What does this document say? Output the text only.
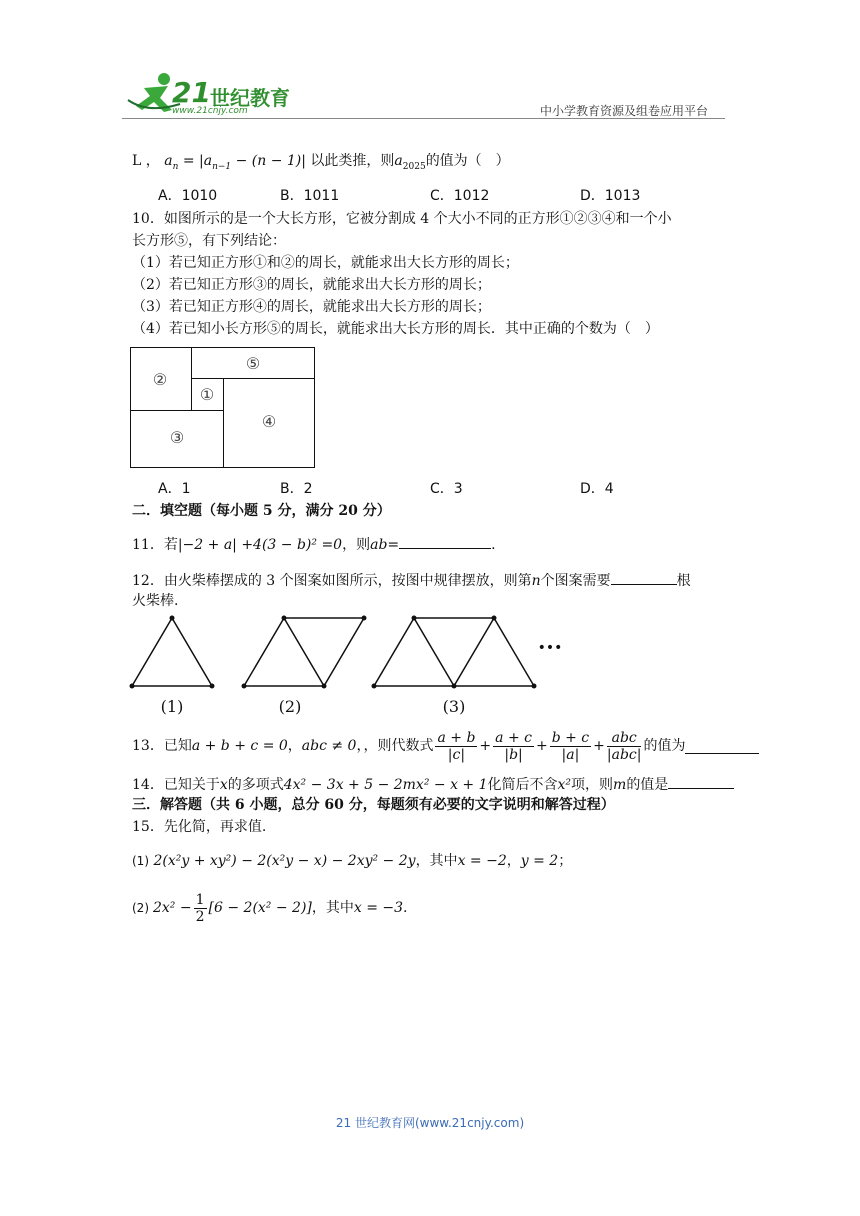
21 世纪教育
www.21cnjy.com	中小学教育资源及组卷应用平台
L ， $a_n = |a_{n-1} - (n - 1)|$ 以此类推，则$a_{2025}$的值为（　）
A．1010	B．1011	C．1012	D．1013
10．如图所示的是一个大长方形，它被分割成 4 个大小不同的正方形①②③④和一个小
长方形⑤，有下列结论：
（1）若已知正方形①和②的周长，就能求出大长方形的周长；
（2）若已知正方形③的周长，就能求出大长方形的周长；
（3）若已知正方形④的周长，就能求出大长方形的周长；
（4）若已知小长方形⑤的周长，就能求出大长方形的周长．其中正确的个数为（　）
②
⑤
①
④
③
A．1	B．2	C．3	D．4
二．填空题（每小题 5 分，满分 20 分）
11．若|−2 + a| +4(3 − b)² =0，则ab=	.
12．由火柴棒摆成的 3 个图案如图所示，按图中规律摆放，则第n个图案需要	根
火柴棒.
(1)	(2)	(3)
•••
13．已知 a + b + c = 0 ， abc ≠ 0 ，，则代数式 $\frac{a + b}{|c|} + \frac{a + c}{|b|} + \frac{b + c}{|a|} + \frac{\text{abc}}{\text{|abc|}}$ 的值为
14．已知关于x的多项式4x² − 3x + 5 − 2mx² − x + 1化简后不含x²项，则m的值是
三．解答题（共 6 小题，总分 60 分，每题须有必要的文字说明和解答过程）
15．先化简，再求值.
(1) 2(x²y + xy²) − 2(x²y − x) − 2xy² − 2y，其中x = −2，y = 2；
(2) $2x^2 - \frac{1}{2} [6 - 2(x^2 - 2)]$ ，其中 x = −3 .
21 世纪教育网(www.21cnjy.com)
